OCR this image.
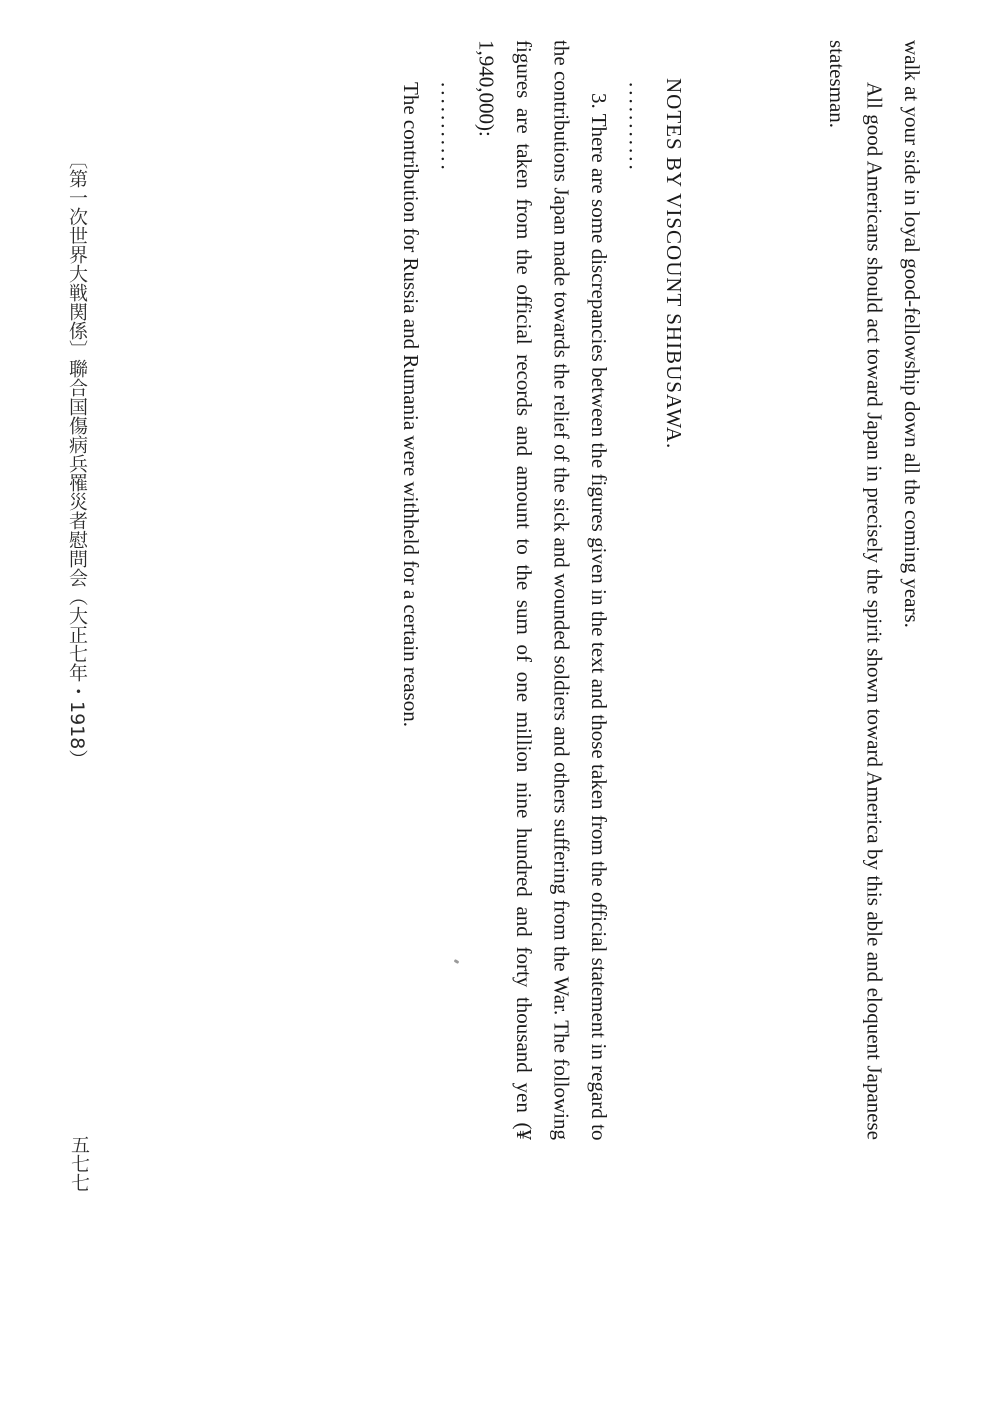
walk at your side in loyal good-fellowship down all the coming years.

All good Americans should act toward Japan in precisely the spirit shown toward America by this able and eloquent Japanese statesman.

NOTES BY VISCOUNT SHIBUSAWA.

...........

3. There are some discrepancies between the figures given in the text and those taken from the official statement in regard to the contributions Japan made towards the relief of the sick and wounded soldiers and others suffering from the War. The following figures are taken from the official records and amount to the sum of one million nine hundred and forty thousand yen (¥ 1,940,000):

...........

The contribution for Russia and Rumania were withheld for a certain reason.

〔第一次世界大戦関係〕聯合国傷病兵罹災者慰問会（大正七年・1918）
五七七
